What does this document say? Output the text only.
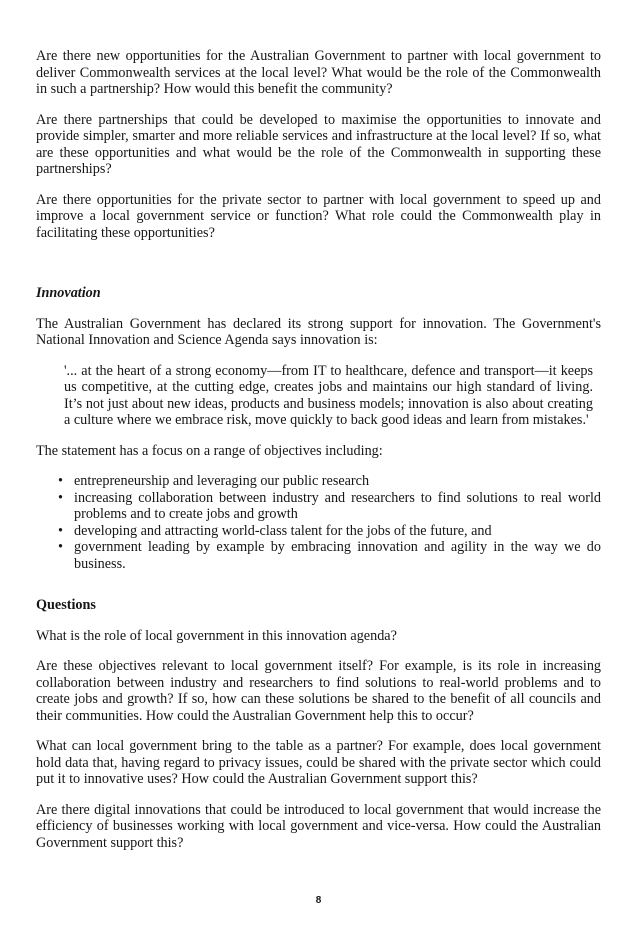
Are there new opportunities for the Australian Government to partner with local government to deliver Commonwealth services at the local level? What would be the role of the Commonwealth in such a partnership? How would this benefit the community?

Are there partnerships that could be developed to maximise the opportunities to innovate and provide simpler, smarter and more reliable services and infrastructure at the local level? If so, what are these opportunities and what would be the role of the Commonwealth in supporting these partnerships?

Are there opportunities for the private sector to partner with local government to speed up and improve a local government service or function? What role could the Commonwealth play in facilitating these opportunities?

Innovation

The Australian Government has declared its strong support for innovation. The Government's National Innovation and Science Agenda says innovation is:

'... at the heart of a strong economy—from IT to healthcare, defence and transport—it keeps us competitive, at the cutting edge, creates jobs and maintains our high standard of living. It’s not just about new ideas, products and business models; innovation is also about creating a culture where we embrace risk, move quickly to back good ideas and learn from mistakes.'

The statement has a focus on a range of objectives including:

• entrepreneurship and leveraging our public research
• increasing collaboration between industry and researchers to find solutions to real world problems and to create jobs and growth
• developing and attracting world-class talent for the jobs of the future, and
• government leading by example by embracing innovation and agility in the way we do business.
Questions

What is the role of local government in this innovation agenda?

Are these objectives relevant to local government itself? For example, is its role in increasing collaboration between industry and researchers to find solutions to real-world problems and to create jobs and growth? If so, how can these solutions be shared to the benefit of all councils and their communities. How could the Australian Government help this to occur?

What can local government bring to the table as a partner? For example, does local government hold data that, having regard to privacy issues, could be shared with the private sector which could put it to innovative uses? How could the Australian Government support this?

Are there digital innovations that could be introduced to local government that would increase the efficiency of businesses working with local government and vice-versa. How could the Australian Government support this?

8
